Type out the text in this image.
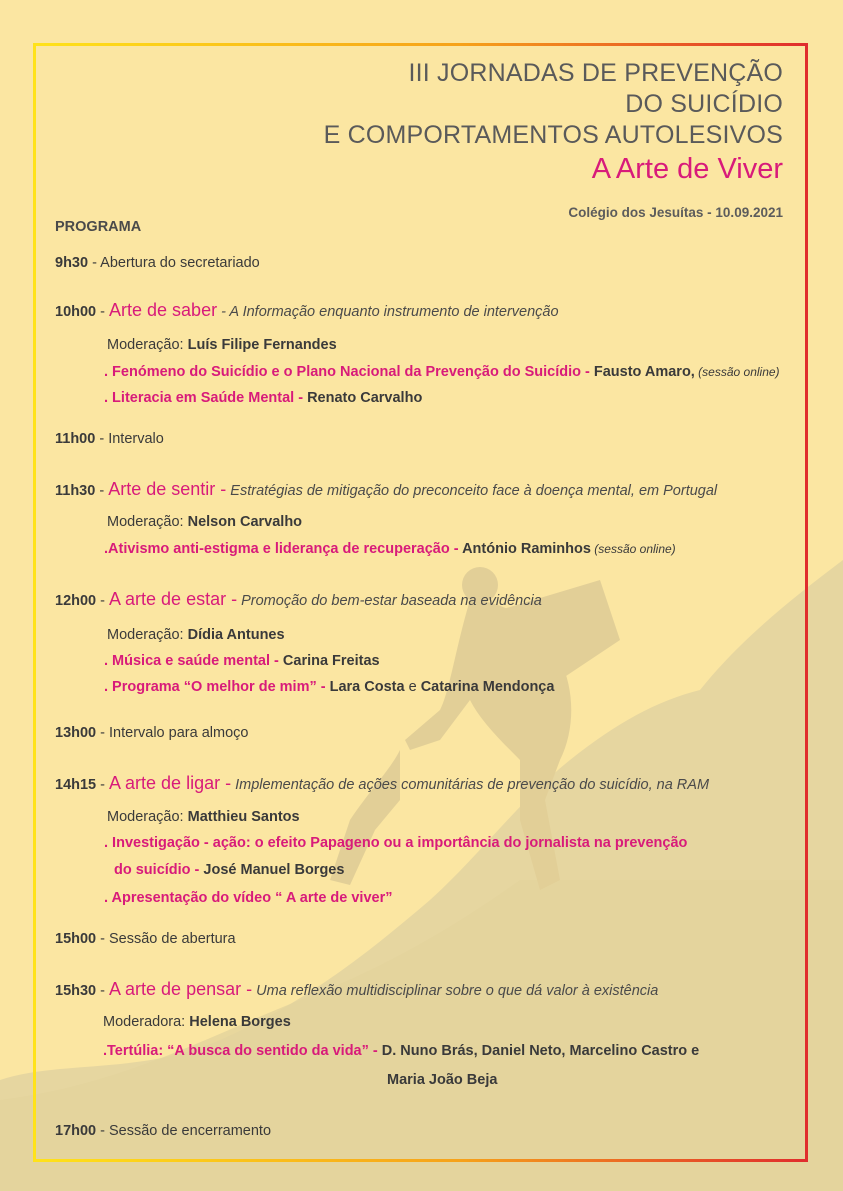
III JORNADAS DE PREVENÇÃO
DO SUICÍDIO
E COMPORTAMENTOS AUTOLESIVOS
A Arte de Viver
Colégio dos Jesuítas - 10.09.2021
PROGRAMA
9h30 - Abertura do secretariado
10h00 - Arte de saber - A Informação enquanto instrumento de intervenção
Moderação: Luís Filipe Fernandes
. Fenómeno do Suicídio e o Plano Nacional da Prevenção do Suicídio - Fausto Amaro, (sessão online)
. Literacia em Saúde Mental - Renato Carvalho
11h00 - Intervalo
11h30 - Arte de sentir - Estratégias de mitigação do preconceito face à doença mental, em Portugal
Moderação: Nelson Carvalho
.Ativismo anti-estigma e liderança de recuperação - António Raminhos (sessão online)
12h00 - A arte de estar - Promoção do bem-estar baseada na evidência
Moderação: Dídia Antunes
. Música e saúde mental - Carina Freitas
. Programa “O melhor de mim” - Lara Costa e Catarina Mendonça
13h00 - Intervalo para almoço
14h15 - A arte de ligar - Implementação de ações comunitárias de prevenção do suicídio, na RAM
Moderação: Matthieu Santos
. Investigação - ação: o efeito Papageno ou a importância do jornalista na prevenção
do suicídio - José Manuel Borges
. Apresentação do vídeo “ A arte de viver”
15h00 - Sessão de abertura
15h30 - A arte de pensar - Uma reflexão multidisciplinar sobre o que dá valor à existência
Moderadora: Helena Borges
.Tertúlia: “A busca do sentido da vida” - D. Nuno Brás, Daniel Neto, Marcelino Castro e
Maria João Beja
17h00 - Sessão de encerramento
